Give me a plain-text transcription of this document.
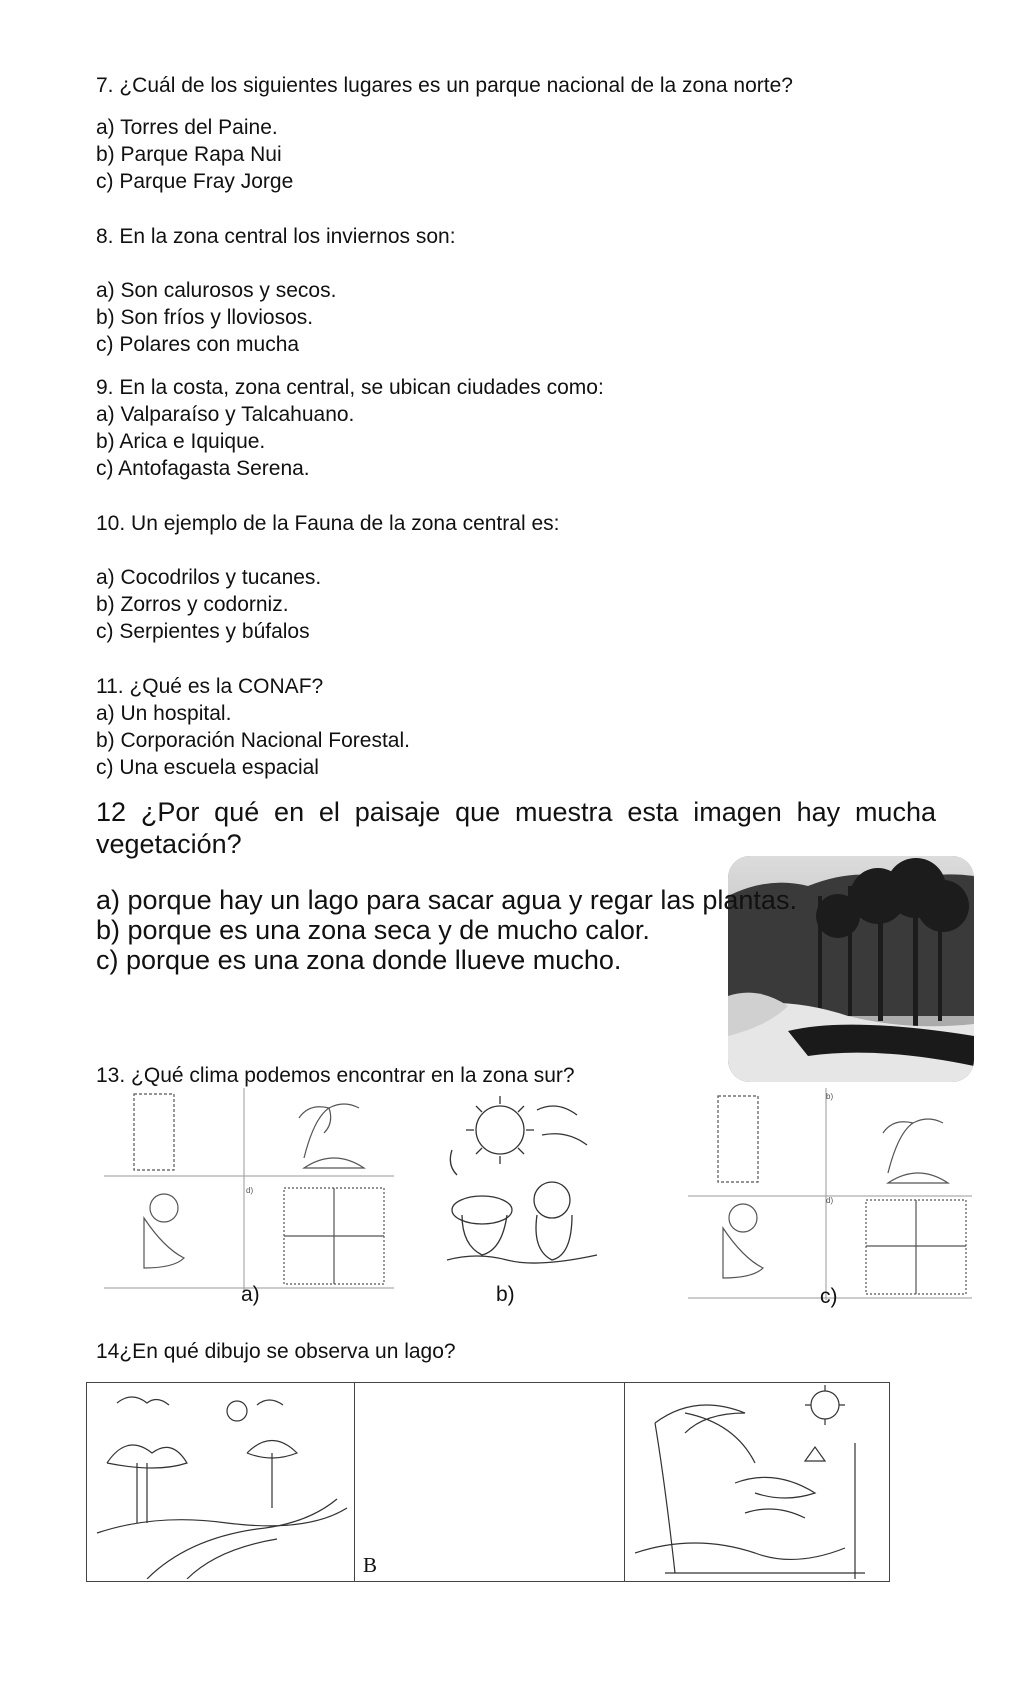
7. ¿Cuál de los siguientes lugares es un parque nacional de la zona norte?
a) Torres del Paine.
b) Parque Rapa Nui
c) Parque Fray Jorge
8. En la zona central los inviernos son:
a) Son calurosos y secos.
b) Son fríos y lloviosos.
c) Polares con mucha
9. En la costa, zona central, se ubican ciudades como:
a) Valparaíso y Talcahuano.
b) Arica e Iquique.
c) Antofagasta Serena.
10. Un ejemplo de la Fauna de la zona central es:
a) Cocodrilos y tucanes.
b) Zorros y codorniz.
c) Serpientes y búfalos
11. ¿Qué es la CONAF?
a) Un hospital.
b) Corporación Nacional Forestal.
c) Una escuela espacial
12 ¿Por qué en el paisaje que muestra esta imagen hay mucha
vegetación?
a) porque hay un lago para sacar agua y regar las plantas.
b) porque es una zona seca y de mucho calor.
c) porque es una zona donde llueve mucho.
13. ¿Qué clima podemos encontrar en la zona sur?
a)
d)
b)	c)
b)
d)
14¿En qué dibujo se observa un lago?
B
